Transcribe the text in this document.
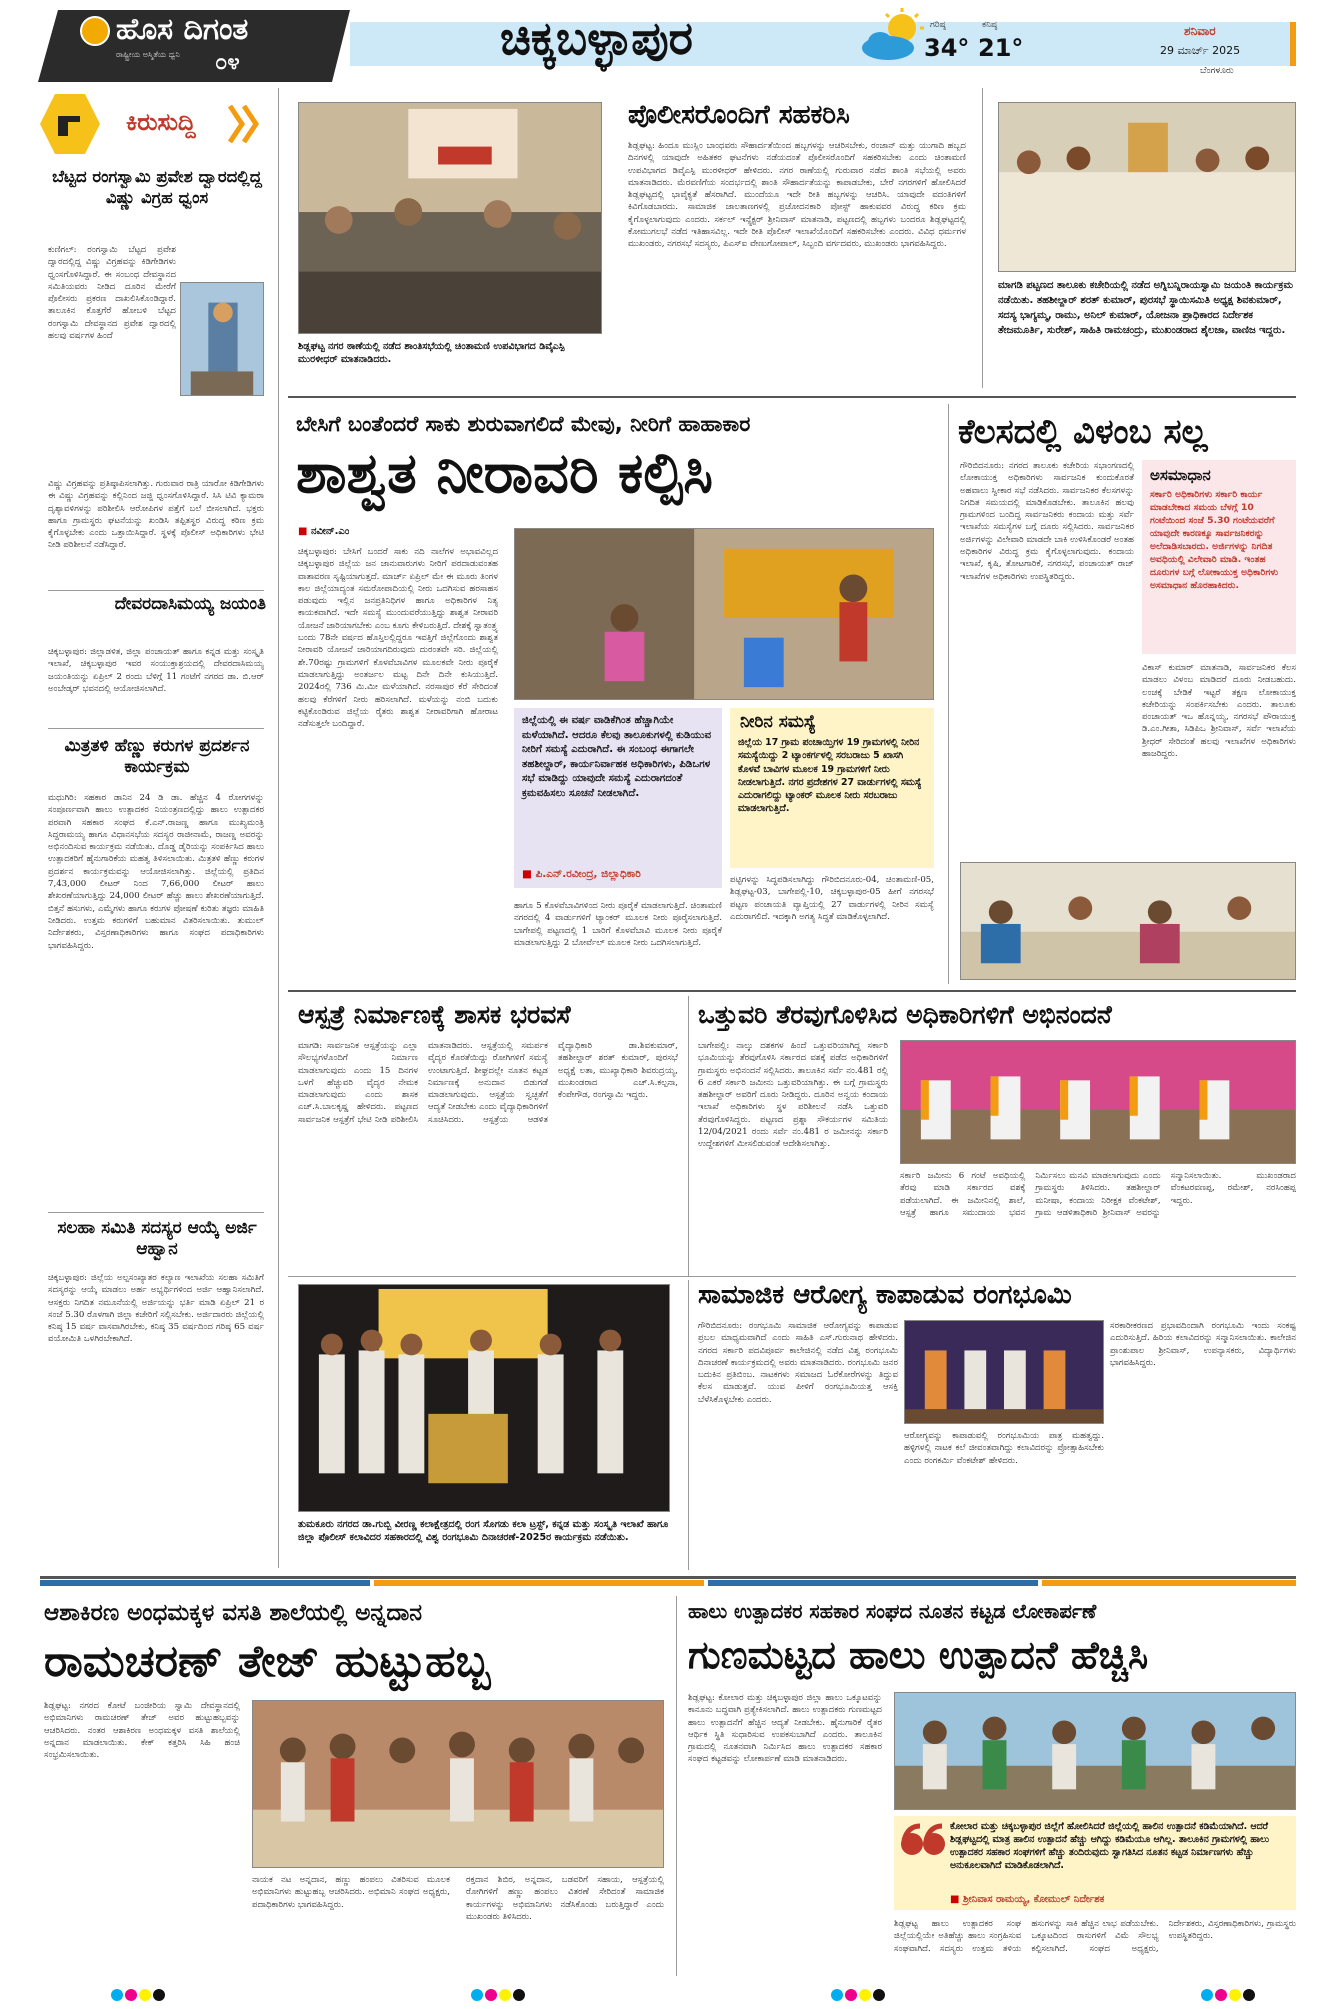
ಹೊಸ ದಿಗಂತ
ರಾಷ್ಟ್ರೀಯ ಅಸ್ಮಿತೆಯ ಧ್ವನಿ ೦೪	ಚಿಕ್ಕಬಳ್ಳಾಪುರ	ಗರಿಷ್ಠ
34°
ಕನಿಷ್ಠ
21°
ಶನಿವಾರ
29 ಮಾರ್ಚ್ 2025
ಬೆಂಗಳೂರು
ಕಿರುಸುದ್ದಿ
ಬೆಟ್ಟದ ರಂಗಸ್ವಾಮಿ ಪ್ರವೇಶ ದ್ವಾರದಲ್ಲಿದ್ದ ವಿಷ್ಣು ವಿಗ್ರಹ ಧ್ವಂಸ
ಕುಣಿಗಲ್: ರಂಗಸ್ವಾಮಿ ಬೆಟ್ಟದ ಪ್ರವೇಶ ದ್ವಾರದಲ್ಲಿದ್ದ ವಿಷ್ಣು ವಿಗ್ರಹವನ್ನು ಕಿಡಿಗೇಡಿಗಳು ಧ್ವಂಸಗೊಳಿಸಿದ್ದಾರೆ. ಈ ಸಂಬಂಧ ದೇವಸ್ಥಾನದ ಸಮಿತಿಯವರು ನೀಡಿದ ದೂರಿನ ಮೇರೆಗೆ ಪೊಲೀಸರು ಪ್ರಕರಣ ದಾಖಲಿಸಿಕೊಂಡಿದ್ದಾರೆ. ತಾಲೂಕಿನ ಕೊತ್ತಗೆರೆ ಹೋಬಳಿ ಬೆಟ್ಟದ ರಂಗಸ್ವಾಮಿ ದೇವಸ್ಥಾನದ ಪ್ರವೇಶ ದ್ವಾರದಲ್ಲಿ ಹಲವು ವರ್ಷಗಳ ಹಿಂದೆ
ವಿಷ್ಣು ವಿಗ್ರಹವನ್ನು ಪ್ರತಿಷ್ಠಾಪಿಸಲಾಗಿತ್ತು. ಗುರುವಾರ ರಾತ್ರಿ ಯಾರೋ ಕಿಡಿಗೇಡಿಗಳು ಈ ವಿಷ್ಣು ವಿಗ್ರಹವನ್ನು ಕಲ್ಲಿನಿಂದ ಜಜ್ಜಿ ಧ್ವಂಸಗೊಳಿಸಿದ್ದಾರೆ. ಸಿಸಿ ಟಿವಿ ಕ್ಯಾಮರಾ ದೃಶ್ಯಾವಳಿಗಳನ್ನು ಪರಿಶೀಲಿಸಿ ಆರೋಪಿಗಳ ಪತ್ತೆಗೆ ಬಲೆ ಬೀಸಲಾಗಿದೆ. ಭಕ್ತರು ಹಾಗೂ ಗ್ರಾಮಸ್ಥರು ಘಟನೆಯನ್ನು ಖಂಡಿಸಿ ತಪ್ಪಿತಸ್ಥರ ವಿರುದ್ಧ ಕಠಿಣ ಕ್ರಮ ಕೈಗೊಳ್ಳಬೇಕು ಎಂದು ಒತ್ತಾಯಿಸಿದ್ದಾರೆ. ಸ್ಥಳಕ್ಕೆ ಪೊಲೀಸ್ ಅಧಿಕಾರಿಗಳು ಭೇಟಿ ನೀಡಿ ಪರಿಶೀಲನೆ ನಡೆಸಿದ್ದಾರೆ.
ದೇವರದಾಸಿಮಯ್ಯ ಜಯಂತಿ
ಚಿಕ್ಕಬಳ್ಳಾಪುರ: ಜಿಲ್ಲಾಡಳಿತ, ಜಿಲ್ಲಾ ಪಂಚಾಯತ್ ಹಾಗೂ ಕನ್ನಡ ಮತ್ತು ಸಂಸ್ಕೃತಿ ಇಲಾಖೆ, ಚಿಕ್ಕಬಳ್ಳಾಪುರ ಇವರ ಸಂಯುಕ್ತಾಶ್ರಯದಲ್ಲಿ ದೇವರದಾಸಿಮಯ್ಯ ಜಯಂತಿಯನ್ನು ಏಪ್ರಿಲ್ 2 ರಂದು ಬೆಳಿಗ್ಗೆ 11 ಗಂಟೆಗೆ ನಗರದ ಡಾ. ಬಿ.ಆರ್ ಅಂಬೇಡ್ಕರ್ ಭವನದಲ್ಲಿ ಆಯೋಜಿಸಲಾಗಿದೆ.
ಮಿತ್ರತಳಿ ಹೆಣ್ಣು ಕರುಗಳ ಪ್ರದರ್ಶನ ಕಾರ್ಯಕ್ರಮ
ಮಧುಗಿರಿ: ಸಹಕಾರ ಡಾನಿನ 24 ಡಿ ಡಾ. ಹೆಚ್ಚಿನ 4 ರೋಗಗಳನ್ನು ಸಂಪೂರ್ಣವಾಗಿ ಹಾಲು ಉತ್ಪಾದಕರ ನಿಯಂತ್ರಣದಲ್ಲಿದ್ದು ಹಾಲು ಉತ್ಪಾದಕರ ಪರವಾಗಿ ಸಹಕಾರ ಸಂಘದ ಕೆ.ಎನ್.ರಾಜಣ್ಣ ಹಾಗೂ ಮುಖ್ಯಮಂತ್ರಿ ಸಿದ್ದರಾಮಯ್ಯ ಹಾಗೂ ವಿಧಾನಸಭೆಯ ಸದಸ್ಯರ ರಾಜೀನಾಮೆ, ರಾಜಣ್ಣ ಅವರನ್ನು ಅಭಿನಂದಿಸುವ ಕಾರ್ಯಕ್ರಮ ನಡೆಯಿತು. ದೊಡ್ಡ ಡೈರಿಯನ್ನು ಸಂಪರ್ಕಿಸಿದ ಹಾಲು ಉತ್ಪಾದಕರಿಗೆ ಹೈನುಗಾರಿಕೆಯ ಮಹತ್ವ ತಿಳಿಸಲಾಯಿತು. ಮಿತ್ರತಳಿ ಹೆಣ್ಣು ಕರುಗಳ ಪ್ರದರ್ಶನ ಕಾರ್ಯಕ್ರಮವನ್ನು ಆಯೋಜಿಸಲಾಗಿತ್ತು. ಜಿಲ್ಲೆಯಲ್ಲಿ ಪ್ರತಿದಿನ 7,43,000 ಲೀಟರ್ ನಿಂದ 7,66,000 ಲೀಟರ್ ಹಾಲು ಶೇಖರಣೆಯಾಗುತ್ತಿದ್ದು 24,000 ಲೀಟರ್ ಹೆಚ್ಚು ಹಾಲು ಶೇಖರಣೆಯಾಗುತ್ತಿದೆ. ಬಿತ್ತನೆ ಹಸುಗಳು, ಎಮ್ಮೆಗಳು ಹಾಗೂ ಕರುಗಳ ಪೋಷಣೆ ಕುರಿತು ತಜ್ಞರು ಮಾಹಿತಿ ನೀಡಿದರು. ಉತ್ತಮ ಕರುಗಳಿಗೆ ಬಹುಮಾನ ವಿತರಿಸಲಾಯಿತು. ತುಮುಲ್ ನಿರ್ದೇಶಕರು, ವಿಸ್ತರಣಾಧಿಕಾರಿಗಳು ಹಾಗೂ ಸಂಘದ ಪದಾಧಿಕಾರಿಗಳು ಭಾಗವಹಿಸಿದ್ದರು.
ಸಲಹಾ ಸಮಿತಿ ಸದಸ್ಯರ ಆಯ್ಕೆ ಅರ್ಜಿ ಆಹ್ವಾನ
ಚಿಕ್ಕಬಳ್ಳಾಪುರ: ಜಿಲ್ಲೆಯ ಅಲ್ಪಸಂಖ್ಯಾತರ ಕಲ್ಯಾಣ ಇಲಾಖೆಯ ಸಲಹಾ ಸಮಿತಿಗೆ ಸದಸ್ಯರನ್ನು ಆಯ್ಕೆ ಮಾಡಲು ಅರ್ಹ ಅಭ್ಯರ್ಥಿಗಳಿಂದ ಅರ್ಜಿ ಆಹ್ವಾನಿಸಲಾಗಿದೆ. ಆಸಕ್ತರು ನಿಗದಿತ ನಮೂನೆಯಲ್ಲಿ ಅರ್ಜಿಯನ್ನು ಭರ್ತಿ ಮಾಡಿ ಏಪ್ರಿಲ್ 21 ರ ಸಂಜೆ 5.30 ರೊಳಗಾಗಿ ಜಿಲ್ಲಾ ಕಚೇರಿಗೆ ಸಲ್ಲಿಸಬೇಕು. ಅರ್ಜಿದಾರರು ಜಿಲ್ಲೆಯಲ್ಲಿ ಕನಿಷ್ಠ 15 ವರ್ಷ ವಾಸವಾಗಿರಬೇಕು, ಕನಿಷ್ಠ 35 ವರ್ಷದಿಂದ ಗರಿಷ್ಠ 65 ವರ್ಷ ವಯೋಮಿತಿ ಒಳಗಿರಬೇಕಾಗಿದೆ.
ಶಿಡ್ಲಘಟ್ಟ ನಗರ ಠಾಣೆಯಲ್ಲಿ ನಡೆದ ಶಾಂತಿಸಭೆಯಲ್ಲಿ ಚಿಂತಾಮಣಿ ಉಪವಿಭಾಗದ ಡಿವೈಎಸ್ಪಿ ಮುರಳೀಧರ್ ಮಾತನಾಡಿದರು.
ಪೊಲೀಸರೊಂದಿಗೆ ಸಹಕರಿಸಿ
ಶಿಡ್ಲಘಟ್ಟ: ಹಿಂದೂ ಮುಸ್ಲಿಂ ಬಾಂಧವರು ಸೌಹಾರ್ದತೆಯಿಂದ ಹಬ್ಬಗಳನ್ನು ಆಚರಿಸಬೇಕು, ರಂಜಾನ್ ಮತ್ತು ಯುಗಾದಿ ಹಬ್ಬದ ದಿನಗಳಲ್ಲಿ ಯಾವುದೇ ಅಹಿತಕರ ಘಟನೆಗಳು ನಡೆಯದಂತೆ ಪೊಲೀಸರೊಂದಿಗೆ ಸಹಕರಿಸಬೇಕು ಎಂದು ಚಿಂತಾಮಣಿ ಉಪವಿಭಾಗದ ಡಿವೈಎಸ್ಪಿ ಮುರಳೀಧರ್ ಹೇಳಿದರು. ನಗರ ಠಾಣೆಯಲ್ಲಿ ಗುರುವಾರ ನಡೆದ ಶಾಂತಿ ಸಭೆಯಲ್ಲಿ ಅವರು ಮಾತನಾಡಿದರು. ಮೆರವಣಿಗೆಯ ಸಂದರ್ಭದಲ್ಲಿ ಶಾಂತಿ ಸೌಹಾರ್ದತೆಯನ್ನು ಕಾಪಾಡಬೇಕು, ಬೇರೆ ನಗರಗಳಿಗೆ ಹೋಲಿಸಿದರೆ ಶಿಡ್ಲಘಟ್ಟದಲ್ಲಿ ಭಾವೈಕ್ಯತೆ ಹೆಸರಾಗಿದೆ. ಮುಂದೆಯೂ ಇದೇ ರೀತಿ ಹಬ್ಬಗಳನ್ನು ಆಚರಿಸಿ. ಯಾವುದೇ ವದಂತಿಗಳಿಗೆ ಕಿವಿಗೊಡಬಾರದು. ಸಾಮಾಜಿಕ ಜಾಲತಾಣಗಳಲ್ಲಿ ಪ್ರಚೋದನಕಾರಿ ಪೋಸ್ಟ್ ಹಾಕುವವರ ವಿರುದ್ಧ ಕಠಿಣ ಕ್ರಮ ಕೈಗೊಳ್ಳಲಾಗುವುದು ಎಂದರು. ಸರ್ಕಲ್ ಇನ್ಸ್ಪೆಕ್ಟರ್ ಶ್ರೀನಿವಾಸ್ ಮಾತನಾಡಿ, ಪಟ್ಟಣದಲ್ಲಿ ಹಬ್ಬಗಳು ಬಂದರೂ ಶಿಡ್ಲಘಟ್ಟದಲ್ಲಿ ಕೋಮುಗಲಭೆ ನಡೆದ ಇತಿಹಾಸವಿಲ್ಲ. ಇದೇ ರೀತಿ ಪೊಲೀಸ್ ಇಲಾಖೆಯೊಂದಿಗೆ ಸಹಕರಿಸಬೇಕು ಎಂದರು. ವಿವಿಧ ಧರ್ಮಗಳ ಮುಖಂಡರು, ನಗರಸಭೆ ಸದಸ್ಯರು, ಪಿಎಸ್ಐ ವೇಣುಗೋಪಾಲ್, ಸಿಬ್ಬಂದಿ ವರ್ಗದವರು, ಮುಖಂಡರು ಭಾಗವಹಿಸಿದ್ದರು.
ಮಾಗಡಿ ಪಟ್ಟಣದ ತಾಲೂಕು ಕಚೇರಿಯಲ್ಲಿ ನಡೆದ ಅಗ್ನಿಬನ್ನಿರಾಯಸ್ವಾಮಿ ಜಯಂತಿ ಕಾರ್ಯಕ್ರಮ ನಡೆಯಿತು. ತಹಶೀಲ್ದಾರ್ ಶರತ್ ಕುಮಾರ್, ಪುರಸಭೆ ಸ್ಥಾಯಿಸಮಿತಿ ಅಧ್ಯಕ್ಷ ಶಿವಕುಮಾರ್, ಸದಸ್ಯ ಭಾಗ್ಯಮ್ಮ, ರಾಮು, ಅನಿಲ್ ಕುಮಾರ್, ಯೋಜನಾ ಪ್ರಾಧಿಕಾರದ ನಿರ್ದೇಶಕ ತೇಜಮೂರ್ತಿ, ಸುರೇಶ್, ಸಾಹಿತಿ ರಾಮಚಂದ್ರು, ಮುಖಂಡರಾದ ಶೈಲಜಾ, ವಾಣಿಜ ಇದ್ದರು.
ಬೇಸಿಗೆ ಬಂತೆಂದರೆ ಸಾಕು ಶುರುವಾಗಲಿದೆ ಮೇವು, ನೀರಿಗೆ ಹಾಹಾಕಾರ
ಶಾಶ್ವತ ನೀರಾವರಿ ಕಲ್ಪಿಸಿ
■ ನವೀನ್.ಎಂ
ಚಿಕ್ಕಬಳ್ಳಾಪುರ: ಬೇಸಿಗೆ ಬಂದರೆ ಸಾಕು ನದಿ ನಾಲೆಗಳ ಅಭಾವವಿಲ್ಲದ ಚಿಕ್ಕಬಳ್ಳಾಪುರ ಜಿಲ್ಲೆಯ ಜನ ಜಾನುವಾರುಗಳು ನೀರಿಗೆ ಪರದಾಡುವಂತಹ ವಾತಾವರಣ ಸೃಷ್ಟಿಯಾಗುತ್ತದೆ. ಮಾರ್ಚ್ ಏಪ್ರಿಲ್ ಮೇ ಈ ಮೂರು ತಿಂಗಳ ಕಾಲ ಜಿಲ್ಲೆಯಾದ್ಯಂತ ಸಮರೋಪಾದಿಯಲ್ಲಿ ನೀರು ಒದಗಿಸುವ ಹರಸಾಹಸ ಪಡುವುದು ಇಲ್ಲಿನ ಜನಪ್ರತಿನಿಧಿಗಳ ಹಾಗೂ ಅಧಿಕಾರಿಗಳ ನಿತ್ಯ ಕಾಯಕವಾಗಿದೆ. ಇದೇ ಸಮಸ್ಯೆ ಮುಂದುವರೆಯುತ್ತಿದ್ದು ಶಾಶ್ವತ ನೀರಾವರಿ ಯೋಜನೆ ಜಾರಿಯಾಗಬೇಕು ಎಂಬ ಕೂಗು ಕೇಳಿಬರುತ್ತಿದೆ. ದೇಶಕ್ಕೆ ಸ್ವಾತಂತ್ರ್ಯ ಬಂದು 78ನೇ ವರ್ಷದ ಹೊಸ್ತಿಲಲ್ಲಿದ್ದರೂ ಇವತ್ತಿಗೆ ಜಿಲ್ಲೆಗೊಂದು ಶಾಶ್ವತ ನೀರಾವರಿ ಯೋಜನೆ ಜಾರಿಯಾಗದಿರುವುದು ದುರಂತವೇ ಸರಿ. ಜಿಲ್ಲೆಯಲ್ಲಿ ಶೇ.70ರಷ್ಟು ಗ್ರಾಮಗಳಿಗೆ ಕೊಳವೆಬಾವಿಗಳ ಮೂಲಕವೇ ನೀರು ಪೂರೈಕೆ ಮಾಡಲಾಗುತ್ತಿದ್ದು ಅಂತರ್ಜಲ ಮಟ್ಟ ದಿನೇ ದಿನೇ ಕುಸಿಯುತ್ತಿದೆ. 2024ರಲ್ಲಿ 736 ಮಿ.ಮೀ ಮಳೆಯಾಗಿದೆ. ನರಸಾಪುರ ಕೆರೆ ಸೇರಿದಂತೆ ಹಲವು ಕೆರೆಗಳಿಗೆ ನೀರು ಹರಿಸಲಾಗಿದೆ. ಮಳೆಯನ್ನು ನಂಬಿ ಬದುಕು ಕಟ್ಟಿಕೊಂಡಿರುವ ಜಿಲ್ಲೆಯ ರೈತರು ಶಾಶ್ವತ ನೀರಾವರಿಗಾಗಿ ಹೋರಾಟ ನಡೆಸುತ್ತಲೇ ಬಂದಿದ್ದಾರೆ.	ಜಿಲ್ಲೆಯಲ್ಲಿ ಈ ವರ್ಷ ವಾಡಿಕೆಗಿಂತ ಹೆಚ್ಚಾಗಿಯೇ ಮಳೆಯಾಗಿದೆ. ಆದರೂ ಕೆಲವು ತಾಲೂಕುಗಳಲ್ಲಿ ಕುಡಿಯುವ ನೀರಿಗೆ ಸಮಸ್ಯೆ ಎದುರಾಗಿದೆ. ಈ ಸಂಬಂಧ ಈಗಾಗಲೇ ತಹಶೀಲ್ದಾರ್, ಕಾರ್ಯನಿರ್ವಾಹಕ ಅಧಿಕಾರಿಗಳು, ಪಿಡಿಒಗಳ ಸಭೆ ಮಾಡಿದ್ದು ಯಾವುದೇ ಸಮಸ್ಯೆ ಎದುರಾಗದಂತೆ ಕ್ರಮವಹಿಸಲು ಸೂಚನೆ ನೀಡಲಾಗಿದೆ.
■ ಪಿ.ಎನ್.ರವೀಂದ್ರ, ಜಿಲ್ಲಾಧಿಕಾರಿ
ನೀರಿನ ಸಮಸ್ಯೆ
ಜಿಲ್ಲೆಯ 17 ಗ್ರಾಮ ಪಂಚಾಯ್ತಿಗಳ 19 ಗ್ರಾಮಗಳಲ್ಲಿ ನೀರಿನ ಸಮಸ್ಯೆಯಿದ್ದು 2 ಟ್ಯಾಂಕರ್ಗಳಲ್ಲಿ ಸರಬರಾಜು 5 ಖಾಸಗಿ ಕೊಳವೆ ಬಾವಿಗಳ ಮೂಲಕ 19 ಗ್ರಾಮಗಳಿಗೆ ನೀರು ನೀಡಲಾಗುತ್ತಿದೆ. ನಗರ ಪ್ರದೇಶಗಳ 27 ವಾರ್ಡುಗಳಲ್ಲಿ ಸಮಸ್ಯೆ ಎದುರಾಗಲಿದ್ದು ಟ್ಯಾಂಕರ್ ಮೂಲಕ ನೀರು ಸರಬರಾಜು ಮಾಡಲಾಗುತ್ತಿದೆ.
ಹಾಗೂ 5 ಕೊಳವೆಬಾವಿಗಳಿಂದ ನೀರು ಪೂರೈಕೆ ಮಾಡಲಾಗುತ್ತಿದೆ. ಚಿಂತಾಮಣಿ ನಗರದಲ್ಲಿ 4 ವಾರ್ಡುಗಳಿಗೆ ಟ್ಯಾಂಕರ್ ಮೂಲಕ ನೀರು ಪೂರೈಸಲಾಗುತ್ತಿದೆ. ಬಾಗೇಪಲ್ಲಿ ಪಟ್ಟಣದಲ್ಲಿ 1 ಬಾರಿಗೆ ಕೊಳವೆಬಾವಿ ಮೂಲಕ ನೀರು ಪೂರೈಕೆ ಮಾಡಲಾಗುತ್ತಿದ್ದು 2 ಬೋರ್ವೆಲ್ ಮೂಲಕ ನೀರು ಒದಗಿಸಲಾಗುತ್ತಿದೆ.
ಪಟ್ಟಿಗಳನ್ನು ಸಿದ್ಧಪಡಿಸಲಾಗಿದ್ದು ಗೌರಿಬಿದನೂರು-04, ಚಿಂತಾಮಣಿ-05, ಶಿಡ್ಲಘಟ್ಟ-03, ಬಾಗೇಪಲ್ಲಿ-10, ಚಿಕ್ಕಬಳ್ಳಾಪುರ-05 ಹೀಗೆ ನಗರಸಭೆ ಪಟ್ಟಣ ಪಂಚಾಯತಿ ವ್ಯಾಪ್ತಿಯಲ್ಲಿ 27 ವಾರ್ಡುಗಳಲ್ಲಿ ನೀರಿನ ಸಮಸ್ಯೆ ಎದುರಾಗಲಿದೆ. ಇದಕ್ಕಾಗಿ ಅಗತ್ಯ ಸಿದ್ಧತೆ ಮಾಡಿಕೊಳ್ಳಲಾಗಿದೆ.
ಕೆಲಸದಲ್ಲಿ ವಿಳಂಬ ಸಲ್ಲ
ಗೌರಿಬಿದನೂರು: ನಗರದ ತಾಲೂಕು ಕಚೇರಿಯ ಸಭಾಂಗಣದಲ್ಲಿ ಲೋಕಾಯುಕ್ತ ಅಧಿಕಾರಿಗಳು ಸಾರ್ವಜನಿಕ ಕುಂದುಕೊರತೆ ಅಹವಾಲು ಸ್ವೀಕಾರ ಸಭೆ ನಡೆಸಿದರು. ಸಾರ್ವಜನಿಕರ ಕೆಲಸಗಳನ್ನು ನಿಗದಿತ ಸಮಯದಲ್ಲಿ ಮಾಡಿಕೊಡಬೇಕು. ತಾಲೂಕಿನ ಹಲವು ಗ್ರಾಮಗಳಿಂದ ಬಂದಿದ್ದ ಸಾರ್ವಜನಿಕರು ಕಂದಾಯ ಮತ್ತು ಸರ್ವೆ ಇಲಾಖೆಯ ಸಮಸ್ಯೆಗಳ ಬಗ್ಗೆ ದೂರು ಸಲ್ಲಿಸಿದರು. ಸಾರ್ವಜನಿಕರ ಅರ್ಜಿಗಳನ್ನು ವಿಲೇವಾರಿ ಮಾಡದೇ ಬಾಕಿ ಉಳಿಸಿಕೊಂಡರೆ ಅಂತಹ ಅಧಿಕಾರಿಗಳ ವಿರುದ್ಧ ಕ್ರಮ ಕೈಗೊಳ್ಳಲಾಗುವುದು. ಕಂದಾಯ ಇಲಾಖೆ, ಕೃಷಿ, ತೋಟಗಾರಿಕೆ, ನಗರಸಭೆ, ಪಂಚಾಯತ್ ರಾಜ್ ಇಲಾಖೆಗಳ ಅಧಿಕಾರಿಗಳು ಉಪಸ್ಥಿತರಿದ್ದರು.
ಅಸಮಾಧಾನ
ಸರ್ಕಾರಿ ಅಧಿಕಾರಿಗಳು ಸರ್ಕಾರಿ ಕಾರ್ಯ ಮಾಡಬೇಕಾದ ಸಮಯ ಬೆಳಗ್ಗೆ 10 ಗಂಟೆಯಿಂದ ಸಂಜೆ 5.30 ಗಂಟೆಯವರೆಗೆ ಯಾವುದೇ ಕಾರಣಕ್ಕೂ ಸಾರ್ವಜನಿಕರನ್ನು ಅಲೆದಾಡಿಸಬಾರದು. ಅರ್ಜಿಗಳನ್ನು ನಿಗದಿತ ಅವಧಿಯಲ್ಲಿ ವಿಲೇವಾರಿ ಮಾಡಿ. ಇಂತಹ ದೂರುಗಳ ಬಗ್ಗೆ ಲೋಕಾಯುಕ್ತ ಅಧಿಕಾರಿಗಳು ಅಸಮಾಧಾನ ಹೊರಹಾಕಿದರು.
ವಿಕಾಸ್ ಕುಮಾರ್ ಮಾತನಾಡಿ, ಸಾರ್ವಜನಿಕರ ಕೆಲಸ ಮಾಡಲು ವಿಳಂಬ ಮಾಡಿದರೆ ದೂರು ನೀಡಬಹುದು. ಲಂಚಕ್ಕೆ ಬೇಡಿಕೆ ಇಟ್ಟರೆ ತಕ್ಷಣ ಲೋಕಾಯುಕ್ತ ಕಚೇರಿಯನ್ನು ಸಂಪರ್ಕಿಸಬೇಕು ಎಂದರು. ತಾಲೂಕು ಪಂಚಾಯತ್ ಇಒ ಹೊನ್ನಯ್ಯ, ನಗರಸಭೆ ಪೌರಾಯುಕ್ತ ಡಿ.ಎಂ.ಗೀತಾ, ಸಿಡಿಪಿಒ ಶ್ರೀನಿವಾಸ್, ಸರ್ವೆ ಇಲಾಖೆಯ ಶ್ರೀಧರ್ ಸೇರಿದಂತೆ ಹಲವು ಇಲಾಖೆಗಳ ಅಧಿಕಾರಿಗಳು ಹಾಜರಿದ್ದರು.
ಆಸ್ಪತ್ರೆ ನಿರ್ಮಾಣಕ್ಕೆ ಶಾಸಕ ಭರವಸೆ
ಮಾಗಡಿ: ಸಾರ್ವಜನಿಕ ಆಸ್ಪತ್ರೆಯನ್ನು ಎಲ್ಲಾ ಸೌಲಭ್ಯಗಳೊಂದಿಗೆ ನಿರ್ಮಾಣ ಮಾಡಲಾಗುವುದು ಎಂದು 15 ದಿನಗಳ ಒಳಗೆ ಹೆಚ್ಚುವರಿ ವೈದ್ಯರ ನೇಮಕ ಮಾಡಲಾಗುವುದು ಎಂದು ಶಾಸಕ ಎಚ್.ಸಿ.ಬಾಲಕೃಷ್ಣ ಹೇಳಿದರು. ಪಟ್ಟಣದ ಸಾರ್ವಜನಿಕ ಆಸ್ಪತ್ರೆಗೆ ಭೇಟಿ ನೀಡಿ ಪರಿಶೀಲಿಸಿ ಮಾತನಾಡಿದರು. ಆಸ್ಪತ್ರೆಯಲ್ಲಿ ಸಮರ್ಪಕ ವೈದ್ಯರ ಕೊರತೆಯಿದ್ದು ರೋಗಿಗಳಿಗೆ ಸಮಸ್ಯೆ ಉಂಟಾಗುತ್ತಿದೆ. ಶೀಘ್ರದಲ್ಲೇ ನೂತನ ಕಟ್ಟಡ ನಿರ್ಮಾಣಕ್ಕೆ ಅನುದಾನ ಬಿಡುಗಡೆ ಮಾಡಲಾಗುವುದು. ಆಸ್ಪತ್ರೆಯ ಸ್ವಚ್ಛತೆಗೆ ಆದ್ಯತೆ ನೀಡಬೇಕು ಎಂದು ವೈದ್ಯಾಧಿಕಾರಿಗಳಿಗೆ ಸೂಚಿಸಿದರು. ಆಸ್ಪತ್ರೆಯ ಆಡಳಿತ ವೈದ್ಯಾಧಿಕಾರಿ ಡಾ.ಶಿವಕುಮಾರ್, ತಹಶೀಲ್ದಾರ್ ಶರತ್ ಕುಮಾರ್, ಪುರಸಭೆ ಅಧ್ಯಕ್ಷೆ ಲತಾ, ಮುಖ್ಯಾಧಿಕಾರಿ ಶಿವರುದ್ರಯ್ಯ, ಮುಖಂಡರಾದ ಎಚ್.ಸಿ.ಕಲ್ಪನಾ, ಕೆಂಪೇಗೌಡ, ರಂಗಸ್ವಾಮಿ ಇದ್ದರು.
ಒತ್ತುವರಿ ತೆರವುಗೊಳಿಸಿದ ಅಧಿಕಾರಿಗಳಿಗೆ ಅಭಿನಂದನೆ
ಬಾಗೇಪಲ್ಲಿ: ನಾಲ್ಕು ದಶಕಗಳ ಹಿಂದೆ ಒತ್ತುವರಿಯಾಗಿದ್ದ ಸರ್ಕಾರಿ ಭೂಮಿಯನ್ನು ತೆರವುಗೊಳಿಸಿ ಸರ್ಕಾರದ ವಶಕ್ಕೆ ಪಡೆದ ಅಧಿಕಾರಿಗಳಿಗೆ ಗ್ರಾಮಸ್ಥರು ಅಭಿನಂದನೆ ಸಲ್ಲಿಸಿದರು. ತಾಲೂಕಿನ ಸರ್ವೆ ನಂ.481 ರಲ್ಲಿ 6 ಎಕರೆ ಸರ್ಕಾರಿ ಜಮೀನು ಒತ್ತುವರಿಯಾಗಿತ್ತು. ಈ ಬಗ್ಗೆ ಗ್ರಾಮಸ್ಥರು ತಹಶೀಲ್ದಾರ್ ಅವರಿಗೆ ದೂರು ನೀಡಿದ್ದರು. ದೂರಿನ ಅನ್ವಯ ಕಂದಾಯ ಇಲಾಖೆ ಅಧಿಕಾರಿಗಳು ಸ್ಥಳ ಪರಿಶೀಲನೆ ನಡೆಸಿ ಒತ್ತುವರಿ ತೆರವುಗೊಳಿಸಿದ್ದರು. ಪಟ್ಟಣದ ಪ್ರಶ್ನಾ ಸೌಕರ್ಯಗಳ ಸಮಿತಿಯ 12/04/2021 ರಂದು ಸರ್ವೆ ನಂ.481 ರ ಜಮೀನನ್ನು ಸರ್ಕಾರಿ ಉದ್ದೇಶಗಳಿಗೆ ಮೀಸಲಿಡುವಂತೆ ಆದೇಶಿಸಲಾಗಿತ್ತು.
ಸರ್ಕಾರಿ ಜಮೀನು 6 ಗಂಟೆ ಅವಧಿಯಲ್ಲಿ ತೆರವು ಮಾಡಿ ಸರ್ಕಾರದ ವಶಕ್ಕೆ ಪಡೆಯಲಾಗಿದೆ. ಈ ಜಮೀನಿನಲ್ಲಿ ಶಾಲೆ, ಆಸ್ಪತ್ರೆ ಹಾಗೂ ಸಮುದಾಯ ಭವನ ನಿರ್ಮಿಸಲು ಮನವಿ ಮಾಡಲಾಗುವುದು ಎಂದು ಗ್ರಾಮಸ್ಥರು ತಿಳಿಸಿದರು. ತಹಶೀಲ್ದಾರ್ ಮನೀಷಾ, ಕಂದಾಯ ನಿರೀಕ್ಷಕ ವೆಂಕಟೇಶ್, ಗ್ರಾಮ ಆಡಳಿತಾಧಿಕಾರಿ ಶ್ರೀನಿವಾಸ್ ಅವರನ್ನು ಸನ್ಮಾನಿಸಲಾಯಿತು. ಮುಖಂಡರಾದ ವೆಂಕಟರವಣಪ್ಪ, ರಮೇಶ್, ನರಸಿಂಹಪ್ಪ ಇದ್ದರು.
ತುಮಕೂರು ನಗರದ ಡಾ.ಗುಬ್ಬಿ ವೀರಣ್ಣ ಕಲಾಕ್ಷೇತ್ರದಲ್ಲಿ ರಂಗ ಸೊಗಡು ಕಲಾ ಟ್ರಸ್ಟ್, ಕನ್ನಡ ಮತ್ತು ಸಂಸ್ಕೃತಿ ಇಲಾಖೆ ಹಾಗೂ ಜಿಲ್ಲಾ ಪೊಲೀಸ್ ಕಲಾವಿದರ ಸಹಕಾರದಲ್ಲಿ ವಿಶ್ವ ರಂಗಭೂಮಿ ದಿನಾಚರಣೆ-2025ರ ಕಾರ್ಯಕ್ರಮ ನಡೆಯಿತು.
ಸಾಮಾಜಿಕ ಆರೋಗ್ಯ ಕಾಪಾಡುವ ರಂಗಭೂಮಿ
ಗೌರಿಬಿದನೂರು: ರಂಗಭೂಮಿ ಸಾಮಾಜಿಕ ಆರೋಗ್ಯವನ್ನು ಕಾಪಾಡುವ ಪ್ರಬಲ ಮಾಧ್ಯಮವಾಗಿದೆ ಎಂದು ಸಾಹಿತಿ ಎಸ್.ಗುರುನಾಥ ಹೇಳಿದರು. ನಗರದ ಸರ್ಕಾರಿ ಪದವಿಪೂರ್ವ ಕಾಲೇಜಿನಲ್ಲಿ ನಡೆದ ವಿಶ್ವ ರಂಗಭೂಮಿ ದಿನಾಚರಣೆ ಕಾರ್ಯಕ್ರಮದಲ್ಲಿ ಅವರು ಮಾತನಾಡಿದರು. ರಂಗಭೂಮಿ ಜನರ ಬದುಕಿನ ಪ್ರತಿಬಿಂಬ. ನಾಟಕಗಳು ಸಮಾಜದ ಓರೆಕೋರೆಗಳನ್ನು ತಿದ್ದುವ ಕೆಲಸ ಮಾಡುತ್ತವೆ. ಯುವ ಪೀಳಿಗೆ ರಂಗಭೂಮಿಯತ್ತ ಆಸಕ್ತಿ ಬೆಳೆಸಿಕೊಳ್ಳಬೇಕು ಎಂದರು.
ಆರೋಗ್ಯವನ್ನು ಕಾಪಾಡುವಲ್ಲಿ ರಂಗಭೂಮಿಯ ಪಾತ್ರ ಮಹತ್ವದ್ದು. ಹಳ್ಳಿಗಳಲ್ಲಿ ನಾಟಕ ಕಲೆ ಜೀವಂತವಾಗಿದ್ದು ಕಲಾವಿದರನ್ನು ಪ್ರೋತ್ಸಾಹಿಸಬೇಕು ಎಂದು ರಂಗಕರ್ಮಿ ವೆಂಕಟೇಶ್ ಹೇಳಿದರು.
ಸರಕಾರೀಕರಣದ ಪ್ರಭಾವದಿಂದಾಗಿ ರಂಗಭೂಮಿ ಇಂದು ಸಂಕಷ್ಟ ಎದುರಿಸುತ್ತಿದೆ. ಹಿರಿಯ ಕಲಾವಿದರನ್ನು ಸನ್ಮಾನಿಸಲಾಯಿತು. ಕಾಲೇಜಿನ ಪ್ರಾಂಶುಪಾಲ ಶ್ರೀನಿವಾಸ್, ಉಪನ್ಯಾಸಕರು, ವಿದ್ಯಾರ್ಥಿಗಳು ಭಾಗವಹಿಸಿದ್ದರು.
ಆಶಾಕಿರಣ ಅಂಧಮಕ್ಕಳ ವಸತಿ ಶಾಲೆಯಲ್ಲಿ ಅನ್ನದಾನ
ರಾಮಚರಣ್ ತೇಜ್ ಹುಟ್ಟುಹಬ್ಬ
ಶಿಡ್ಲಘಟ್ಟ: ನಗರದ ಕೋಟೆ ಬಂಜೀರಿಯ ಸ್ವಾಮಿ ದೇವಸ್ಥಾನದಲ್ಲಿ ಅಭಿಮಾನಿಗಳು ರಾಮಚರಣ್ ತೇಜ್ ಅವರ ಹುಟ್ಟುಹಬ್ಬವನ್ನು ಆಚರಿಸಿದರು. ನಂತರ ಆಶಾಕಿರಣ ಅಂಧಮಕ್ಕಳ ವಸತಿ ಶಾಲೆಯಲ್ಲಿ ಅನ್ನದಾನ ಮಾಡಲಾಯಿತು. ಕೇಕ್ ಕತ್ತರಿಸಿ ಸಿಹಿ ಹಂಚಿ ಸಂಭ್ರಮಿಸಲಾಯಿತು.
ನಾಯಕ ನಟ ಅನ್ನದಾನ, ಹಣ್ಣು ಹಂಪಲು ವಿತರಿಸುವ ಮೂಲಕ ಅಭಿಮಾನಿಗಳು ಹುಟ್ಟುಹಬ್ಬ ಆಚರಿಸಿದರು. ಅಭಿಮಾನಿ ಸಂಘದ ಅಧ್ಯಕ್ಷರು, ಪದಾಧಿಕಾರಿಗಳು ಭಾಗವಹಿಸಿದ್ದರು.
ರಕ್ತದಾನ ಶಿಬಿರ, ಅನ್ನದಾನ, ಬಡವರಿಗೆ ಸಹಾಯ, ಆಸ್ಪತ್ರೆಯಲ್ಲಿ ರೋಗಿಗಳಿಗೆ ಹಣ್ಣು ಹಂಪಲು ವಿತರಣೆ ಸೇರಿದಂತೆ ಸಾಮಾಜಿಕ ಕಾರ್ಯಗಳನ್ನು ಅಭಿಮಾನಿಗಳು ನಡೆಸಿಕೊಂಡು ಬರುತ್ತಿದ್ದಾರೆ ಎಂದು ಮುಖಂಡರು ತಿಳಿಸಿದರು.
ಹಾಲು ಉತ್ಪಾದಕರ ಸಹಕಾರ ಸಂಘದ ನೂತನ ಕಟ್ಟಡ ಲೋಕಾರ್ಪಣೆ
ಗುಣಮಟ್ಟದ ಹಾಲು ಉತ್ಪಾದನೆ ಹೆಚ್ಚಿಸಿ
ಶಿಡ್ಲಘಟ್ಟ: ಕೋಲಾರ ಮತ್ತು ಚಿಕ್ಕಬಳ್ಳಾಪುರ ಜಿಲ್ಲಾ ಹಾಲು ಒಕ್ಕೂಟವನ್ನು ಕಾನೂನು ಬದ್ಧವಾಗಿ ಪ್ರತ್ಯೇಕಿಸಲಾಗಿದೆ. ಹಾಲು ಉತ್ಪಾದಕರು ಗುಣಮಟ್ಟದ ಹಾಲು ಉತ್ಪಾದನೆಗೆ ಹೆಚ್ಚಿನ ಆದ್ಯತೆ ನೀಡಬೇಕು. ಹೈನುಗಾರಿಕೆ ರೈತರ ಆರ್ಥಿಕ ಸ್ಥಿತಿ ಸುಧಾರಿಸುವ ಉಪಕಸುಬಾಗಿದೆ ಎಂದರು. ತಾಲೂಕಿನ ಗ್ರಾಮದಲ್ಲಿ ನೂತನವಾಗಿ ನಿರ್ಮಿಸಿದ ಹಾಲು ಉತ್ಪಾದಕರ ಸಹಕಾರ ಸಂಘದ ಕಟ್ಟಡವನ್ನು ಲೋಕಾರ್ಪಣೆ ಮಾಡಿ ಮಾತನಾಡಿದರು.
ಕೋಲಾರ ಮತ್ತು ಚಿಕ್ಕಬಳ್ಳಾಪುರ ಜಿಲ್ಲೆಗೆ ಹೋಲಿಸಿದರೆ ಜಿಲ್ಲೆಯಲ್ಲಿ ಹಾಲಿನ ಉತ್ಪಾದನೆ ಕಡಿಮೆಯಾಗಿದೆ. ಆದರೆ ಶಿಡ್ಲಘಟ್ಟದಲ್ಲಿ ಮಾತ್ರ ಹಾಲಿನ ಉತ್ಪಾದನೆ ಹೆಚ್ಚು ಆಗಿದ್ದು ಕಡಿಮೆಯೂ ಆಗಿಲ್ಲ. ತಾಲೂಕಿನ ಗ್ರಾಮಗಳಲ್ಲಿ ಹಾಲು ಉತ್ಪಾದಕರ ಸಹಕಾರ ಸಂಘಗಳಿಗೆ ಹೆಚ್ಚು ತಂದಿರುವುದು ಸ್ವಾಗತಿಸಿದ ನೂತನ ಕಟ್ಟಡ ನಿರ್ಮಾಣಗಳು ಹೆಚ್ಚು ಅನುಕೂಲವಾಗಿದೆ ಮಾಡಿಕೊಡಲಾಗಿದೆ.
■ ಶ್ರೀನಿವಾಸ ರಾಮಯ್ಯ, ಕೋಮುಲ್ ನಿರ್ದೇಶಕ
ಶಿಡ್ಲಘಟ್ಟ ಹಾಲು ಉತ್ಪಾದಕರ ಸಂಘ ಜಿಲ್ಲೆಯಲ್ಲಿಯೇ ಅತಿಹೆಚ್ಚು ಹಾಲು ಸಂಗ್ರಹಿಸುವ ಸಂಘವಾಗಿದೆ. ಸದಸ್ಯರು ಉತ್ತಮ ತಳಿಯ ಹಸುಗಳನ್ನು ಸಾಕಿ ಹೆಚ್ಚಿನ ಲಾಭ ಪಡೆಯಬೇಕು. ಒಕ್ಕೂಟದಿಂದ ರಾಸುಗಳಿಗೆ ವಿಮೆ ಸೌಲಭ್ಯ ಕಲ್ಪಿಸಲಾಗಿದೆ. ಸಂಘದ ಅಧ್ಯಕ್ಷರು, ನಿರ್ದೇಶಕರು, ವಿಸ್ತರಣಾಧಿಕಾರಿಗಳು, ಗ್ರಾಮಸ್ಥರು ಉಪಸ್ಥಿತರಿದ್ದರು.
